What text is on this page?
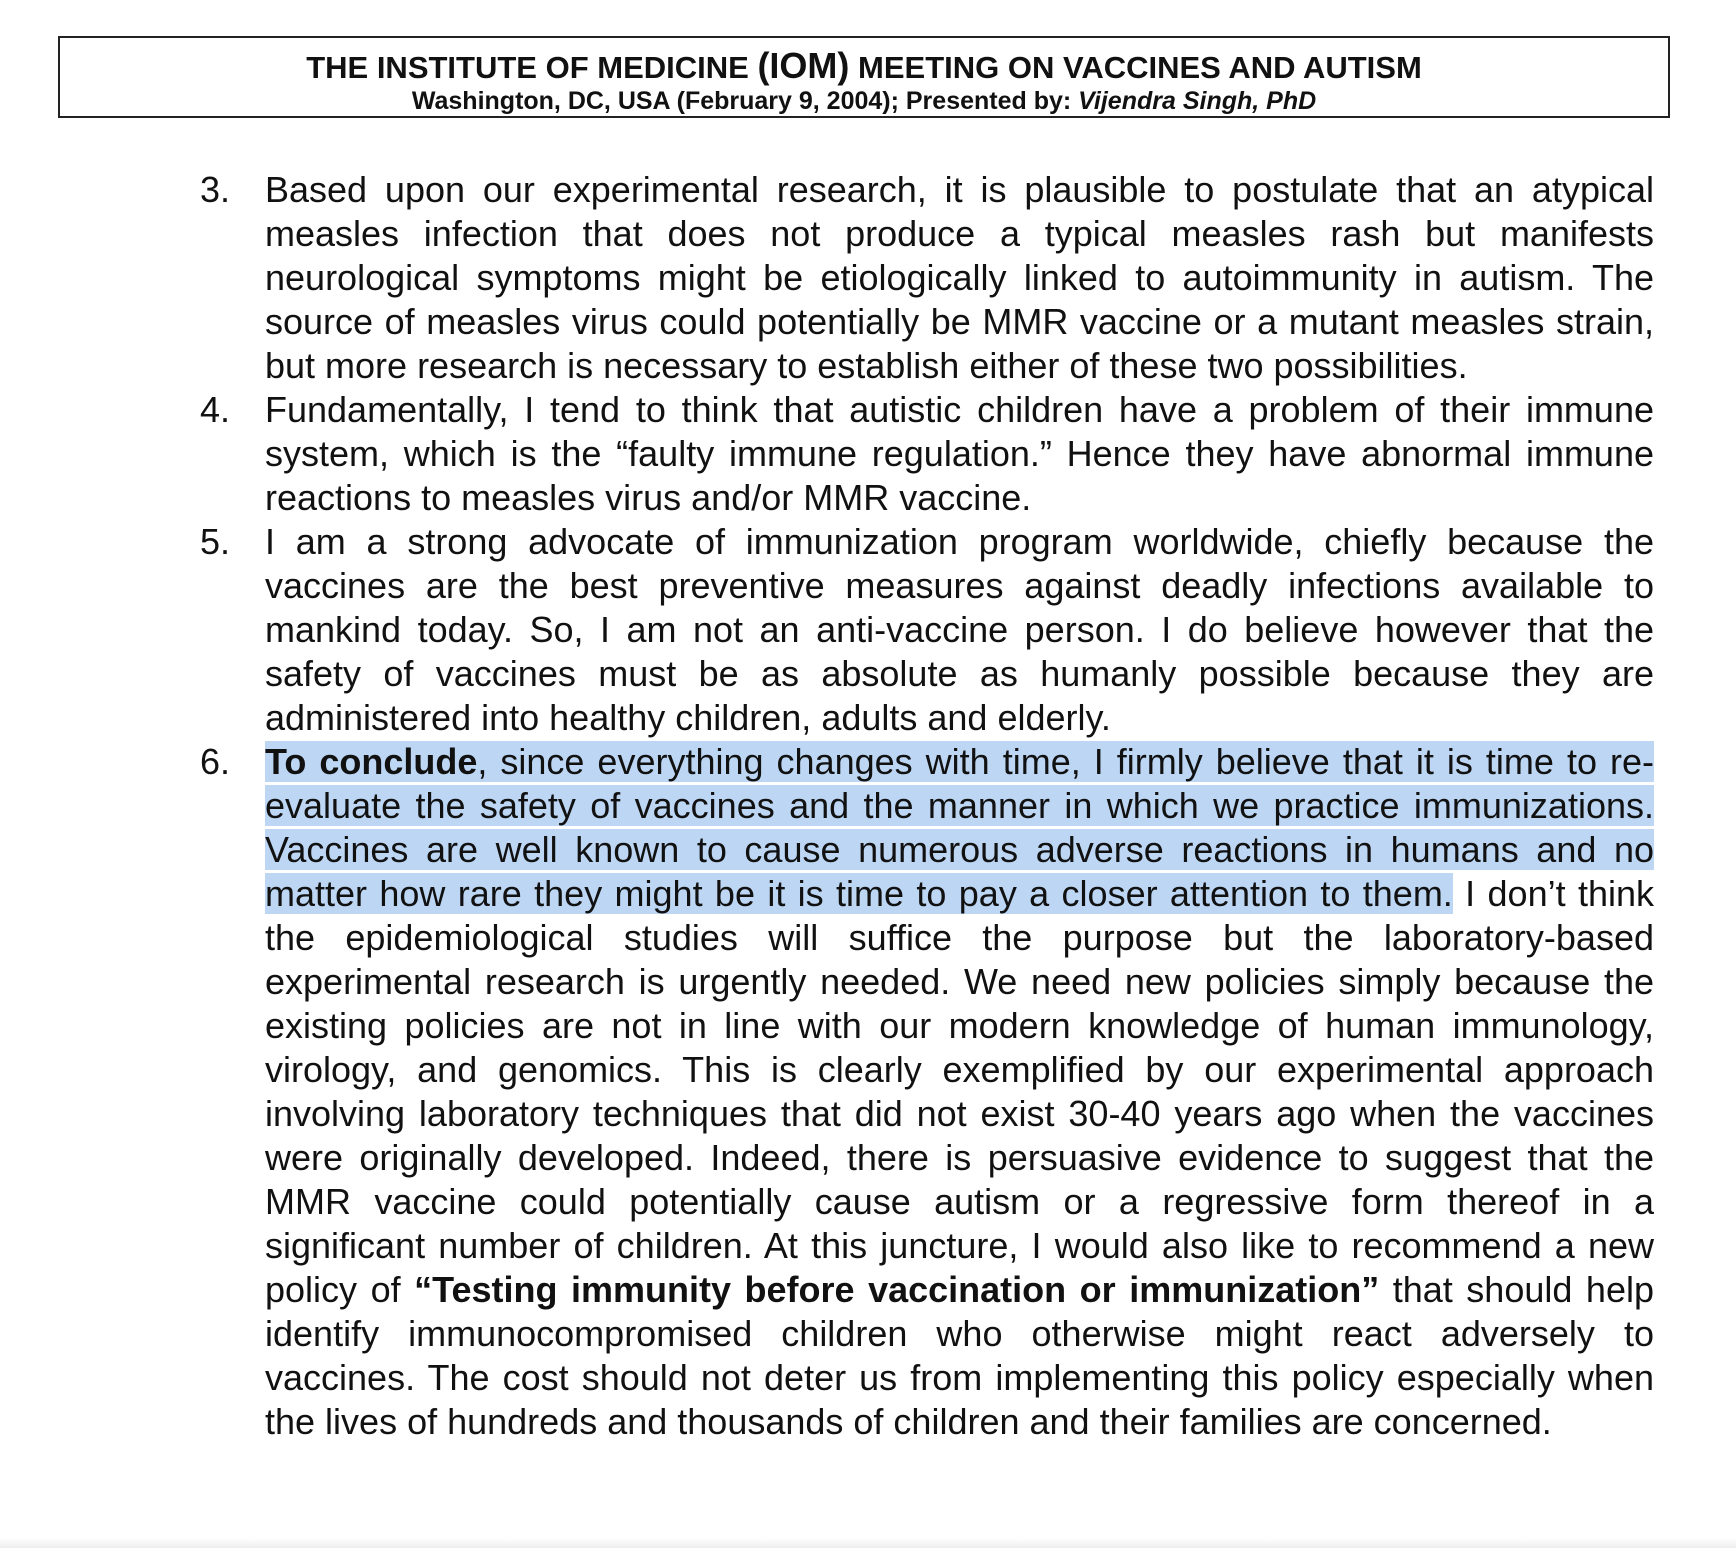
THE INSTITUTE OF MEDICINE (IOM) MEETING ON VACCINES AND AUTISM
Washington, DC, USA (February 9, 2004); Presented by: Vijendra Singh, PhD
3. Based upon our experimental research, it is plausible to postulate that an atypical measles infection that does not produce a typical measles rash but manifests neurological symptoms might be etiologically linked to autoimmunity in autism. The source of measles virus could potentially be MMR vaccine or a mutant measles strain, but more research is necessary to establish either of these two possibilities.
4. Fundamentally, I tend to think that autistic children have a problem of their immune system, which is the “faulty immune regulation.” Hence they have abnormal immune reactions to measles virus and/or MMR vaccine.
5. I am a strong advocate of immunization program worldwide, chiefly because the vaccines are the best preventive measures against deadly infections available to mankind today. So, I am not an anti-vaccine person. I do believe however that the safety of vaccines must be as absolute as humanly possible because they are administered into healthy children, adults and elderly.
6. To conclude, since everything changes with time, I firmly believe that it is time to re-evaluate the safety of vaccines and the manner in which we practice immunizations. Vaccines are well known to cause numerous adverse reactions in humans and no matter how rare they might be it is time to pay a closer attention to them. I don’t think the epidemiological studies will suffice the purpose but the laboratory-based experimental research is urgently needed. We need new policies simply because the existing policies are not in line with our modern knowledge of human immunology, virology, and genomics. This is clearly exemplified by our experimental approach involving laboratory techniques that did not exist 30-40 years ago when the vaccines were originally developed. Indeed, there is persuasive evidence to suggest that the MMR vaccine could potentially cause autism or a regressive form thereof in a significant number of children. At this juncture, I would also like to recommend a new policy of “Testing immunity before vaccination or immunization” that should help identify immunocompromised children who otherwise might react adversely to vaccines. The cost should not deter us from implementing this policy especially when the lives of hundreds and thousands of children and their families are concerned.
